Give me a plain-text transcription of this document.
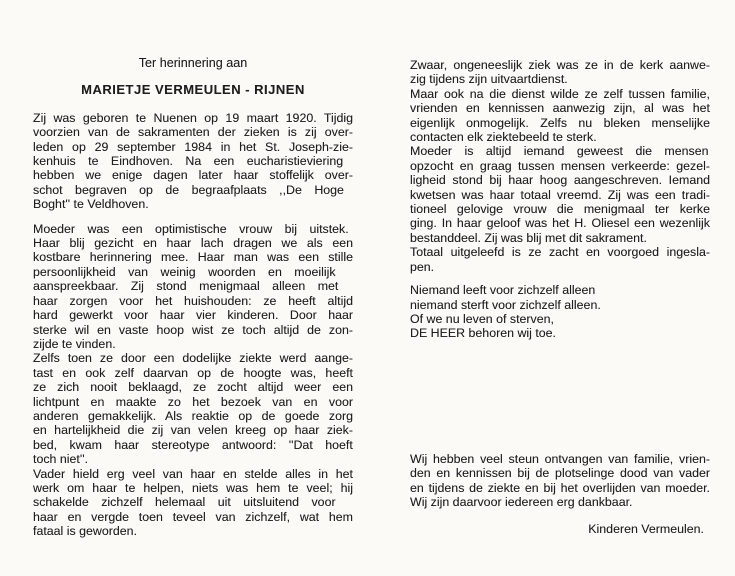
Ter herinnering aan
MARIETJE VERMEULEN - RIJNEN
Zij was geboren te Nuenen op 19 maart 1920. Tijdig
voorzien van de sakramenten der zieken is zij over-
leden op 29 september 1984 in het St. Joseph-zie-
kenhuis te Eindhoven. Na een eucharistieviering
hebben we enige dagen later haar stoffelijk over-
schot begraven op de begraafplaats ,,De Hoge
Boght'' te Veldhoven.
Moeder was een optimistische vrouw bij uitstek.
Haar blij gezicht en haar lach dragen we als een
kostbare herinnering mee. Haar man was een stille
persoonlijkheid van weinig woorden en moeilijk
aanspreekbaar. Zij stond menigmaal alleen met
haar zorgen voor het huishouden: ze heeft altijd
hard gewerkt voor haar vier kinderen. Door haar
sterke wil en vaste hoop wist ze toch altijd de zon-
zijde te vinden.
Zelfs toen ze door een dodelijke ziekte werd aange-
tast en ook zelf daarvan op de hoogte was, heeft
ze zich nooit beklaagd, ze zocht altijd weer een
lichtpunt en maakte zo het bezoek van en voor
anderen gemakkelijk. Als reaktie op de goede zorg
en hartelijkheid die zij van velen kreeg op haar ziek-
bed, kwam haar stereotype antwoord: ''Dat hoeft
toch niet''.
Vader hield erg veel van haar en stelde alles in het
werk om haar te helpen, niets was hem te veel; hij
schakelde zichzelf helemaal uit uitsluitend voor
haar en vergde toen teveel van zichzelf, wat hem
fataal is geworden.
Zwaar, ongeneeslijk ziek was ze in de kerk aanwe-
zig tijdens zijn uitvaartdienst.
Maar ook na die dienst wilde ze zelf tussen familie,
vrienden en kennissen aanwezig zijn, al was het
eigenlijk onmogelijk. Zelfs nu bleken menselijke
contacten elk ziektebeeld te sterk.
Moeder is altijd iemand geweest die mensen
opzocht en graag tussen mensen verkeerde: gezel-
ligheid stond bij haar hoog aangeschreven. Iemand
kwetsen was haar totaal vreemd. Zij was een tradi-
tioneel gelovige vrouw die menigmaal ter kerke
ging. In haar geloof was het H. Oliesel een wezenlijk
bestanddeel. Zij was blij met dit sakrament.
Totaal uitgeleefd is ze zacht en voorgoed ingesla-
pen.
Niemand leeft voor zichzelf alleen
niemand sterft voor zichzelf alleen.
Of we nu leven of sterven,
DE HEER behoren wij toe.
Wij hebben veel steun ontvangen van familie, vrien-
den en kennissen bij de plotselinge dood van vader
en tijdens de ziekte en bij het overlijden van moeder.
Wij zijn daarvoor iedereen erg dankbaar.
Kinderen Vermeulen.
